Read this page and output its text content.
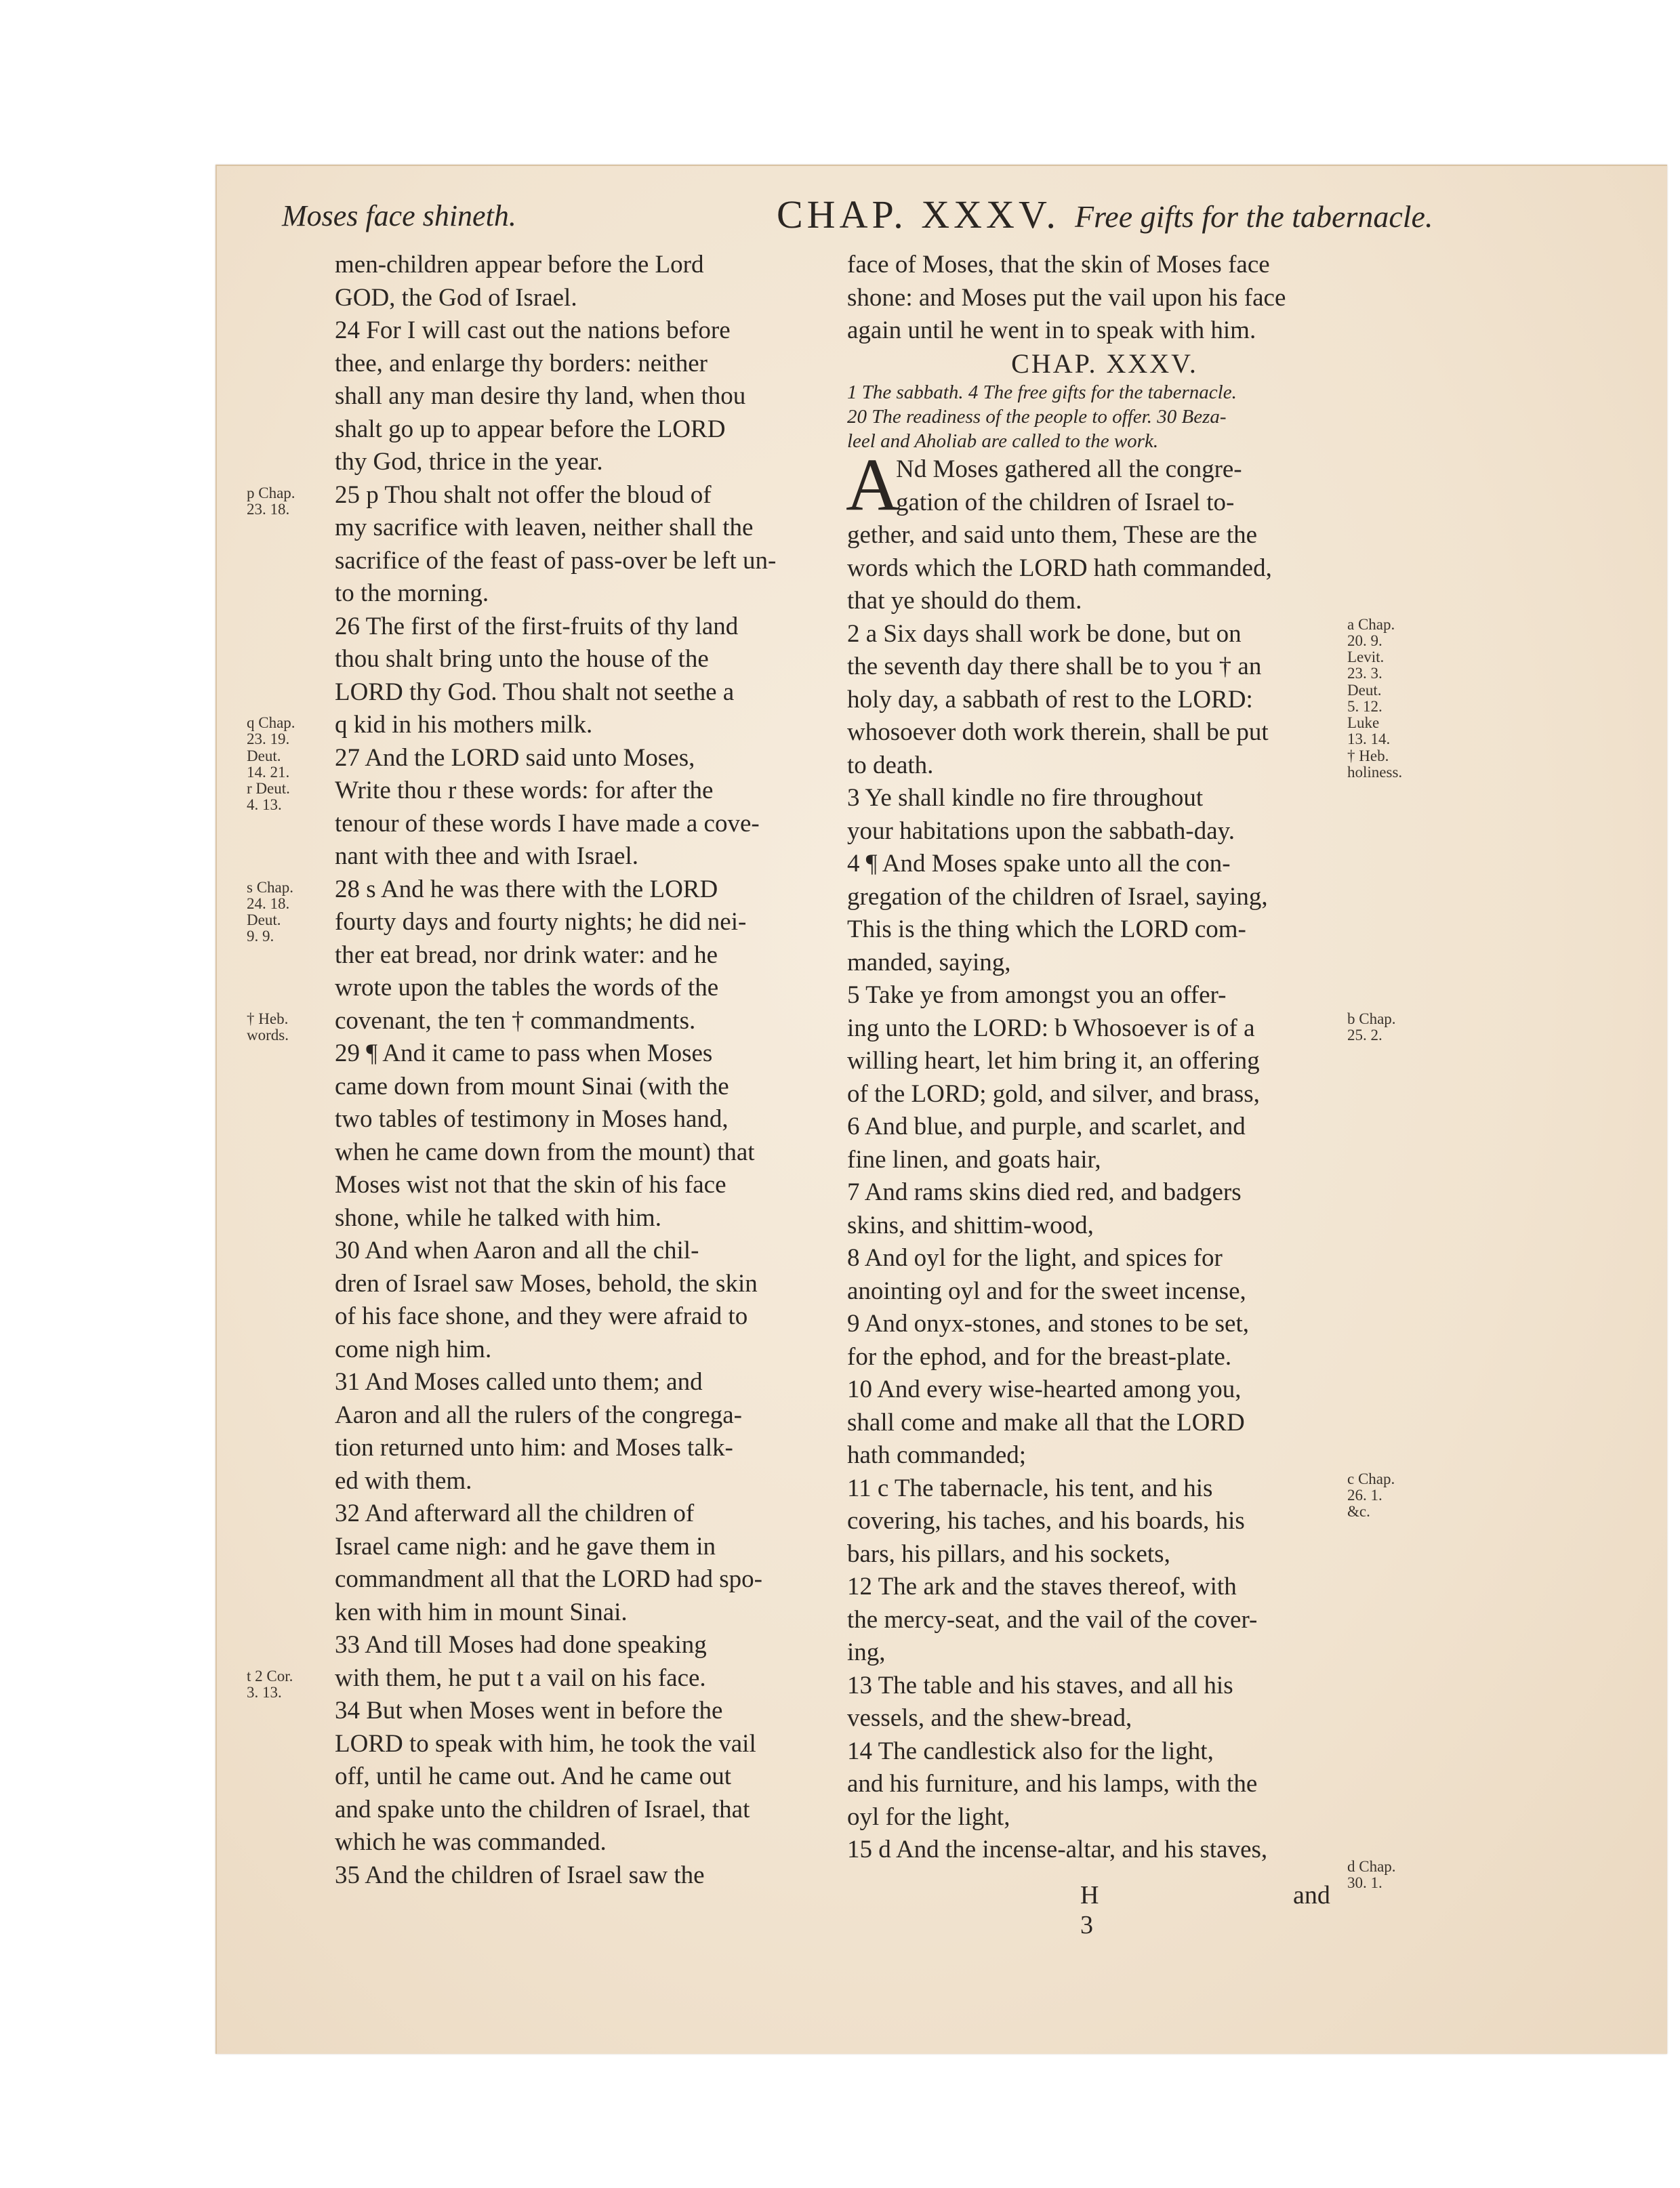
Moses face shineth.	CHAP. XXXV. Free gifts for the tabernacle.
p Chap.
23. 18.
q Chap.
23. 19.
Deut.
14. 21.
r Deut.
4. 13.
s Chap.
24. 18.
Deut.
9. 9.
† Heb.
words.
t 2 Cor.
3. 13.

men-children appear before the Lord

GOD, the God of Israel.

24 For I will cast out the nations before

thee, and enlarge thy borders: neither

shall any man desire thy land, when thou

shalt go up to appear before the LORD

thy God, thrice in the year.

25 p Thou shalt not offer the bloud of

my sacrifice with leaven, neither shall the

sacrifice of the feast of pass-over be left un-

to the morning.

26 The first of the first-fruits of thy land

thou shalt bring unto the house of the

LORD thy God. Thou shalt not seethe a

q kid in his mothers milk.

27 And the LORD said unto Moses,

Write thou r these words: for after the

tenour of these words I have made a cove-

nant with thee and with Israel.

28 s And he was there with the LORD

fourty days and fourty nights; he did nei-

ther eat bread, nor drink water: and he

wrote upon the tables the words of the

covenant, the ten † commandments.

29 ¶ And it came to pass when Moses

came down from mount Sinai (with the

two tables of testimony in Moses hand,

when he came down from the mount) that

Moses wist not that the skin of his face

shone, while he talked with him.

30 And when Aaron and all the chil-

dren of Israel saw Moses, behold, the skin

of his face shone, and they were afraid to

come nigh him.

31 And Moses called unto them; and

Aaron and all the rulers of the congrega-

tion returned unto him: and Moses talk-

ed with them.

32 And afterward all the children of

Israel came nigh: and he gave them in

commandment all that the LORD had spo-

ken with him in mount Sinai.

33 And till Moses had done speaking

with them, he put t a vail on his face.

34 But when Moses went in before the

LORD to speak with him, he took the vail

off, until he came out. And he came out

and spake unto the children of Israel, that

which he was commanded.

35 And the children of Israel saw the

face of Moses, that the skin of Moses face

shone: and Moses put the vail upon his face

again until he went in to speak with him.

CHAP. XXXV.

1 The sabbath. 4 The free gifts for the tabernacle.

20 The readiness of the people to offer. 30 Beza-

leel and Aholiab are called to the work.

A

Nd Moses gathered all the congre-

gation of the children of Israel to-

gether, and said unto them, These are the

words which the LORD hath commanded,

that ye should do them.

2 a Six days shall work be done, but on

the seventh day there shall be to you † an

holy day, a sabbath of rest to the LORD:

whosoever doth work therein, shall be put

to death.

3 Ye shall kindle no fire throughout

your habitations upon the sabbath-day.

4 ¶ And Moses spake unto all the con-

gregation of the children of Israel, saying,

This is the thing which the LORD com-

manded, saying,

5 Take ye from amongst you an offer-

ing unto the LORD: b Whosoever is of a

willing heart, let him bring it, an offering

of the LORD; gold, and silver, and brass,

6 And blue, and purple, and scarlet, and

fine linen, and goats hair,

7 And rams skins died red, and badgers

skins, and shittim-wood,

8 And oyl for the light, and spices for

anointing oyl and for the sweet incense,

9 And onyx-stones, and stones to be set,

for the ephod, and for the breast-plate.

10 And every wise-hearted among you,

shall come and make all that the LORD

hath commanded;

11 c The tabernacle, his tent, and his

covering, his taches, and his boards, his

bars, his pillars, and his sockets,

12 The ark and the staves thereof, with

the mercy-seat, and the vail of the cover-

ing,

13 The table and his staves, and all his

vessels, and the shew-bread,

14 The candlestick also for the light,

and his furniture, and his lamps, with the

oyl for the light,

15 d And the incense-altar, and his staves,

a Chap.
20. 9.
Levit.
23. 3.
Deut.
5. 12.
Luke
13. 14.
† Heb.
holiness.
b Chap.
25. 2.
c Chap.
26. 1.
&c.
d Chap.
30. 1.
H 3
and
